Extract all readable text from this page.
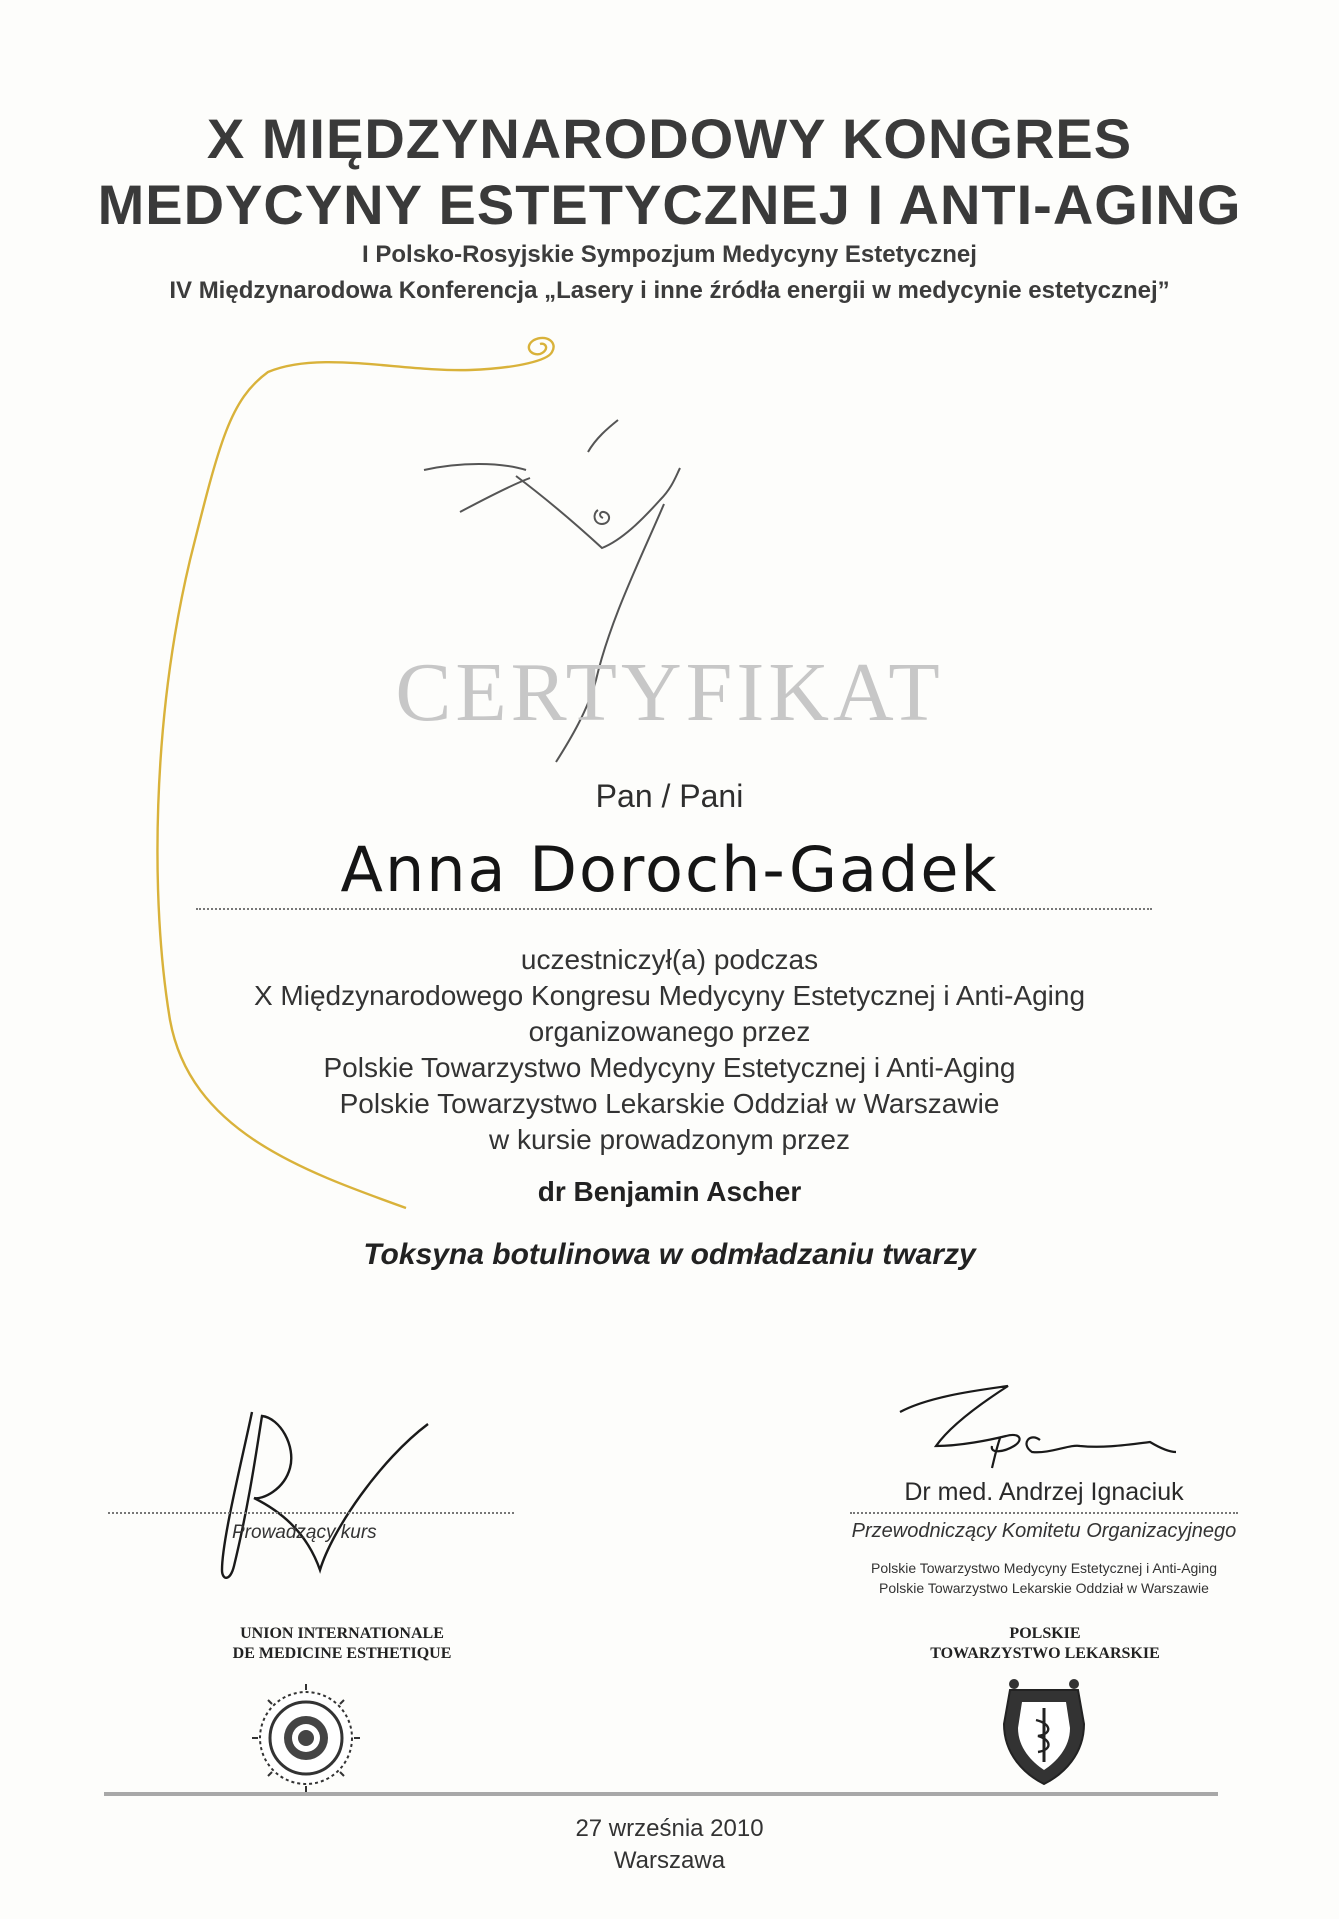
X MIĘDZYNARODOWY KONGRES
MEDYCYNY ESTETYCZNEJ I ANTI-AGING
I Polsko-Rosyjskie Sympozjum Medycyny Estetycznej
IV Międzynarodowa Konferencja „Lasery i inne źródła energii w medycynie estetycznej”
CERTYFIKAT
Pan / Pani
Anna Doroch-Gadek
uczestniczył(a) podczas
X Międzynarodowego Kongresu Medycyny Estetycznej i Anti-Aging
organizowanego przez
Polskie Towarzystwo Medycyny Estetycznej i Anti-Aging
Polskie Towarzystwo Lekarskie Oddział w Warszawie
w kursie prowadzonym przez
dr Benjamin Ascher
Toksyna botulinowa w odmładzaniu twarzy
Prowadzący kurs
Dr med. Andrzej Ignaciuk
Przewodniczący Komitetu Organizacyjnego
Polskie Towarzystwo Medycyny Estetycznej i Anti-Aging
Polskie Towarzystwo Lekarskie Oddział w Warszawie
UNION INTERNATIONALE
DE MEDICINE ESTHETIQUE
POLSKIE
TOWARZYSTWO LEKARSKIE
27 września 2010
Warszawa
